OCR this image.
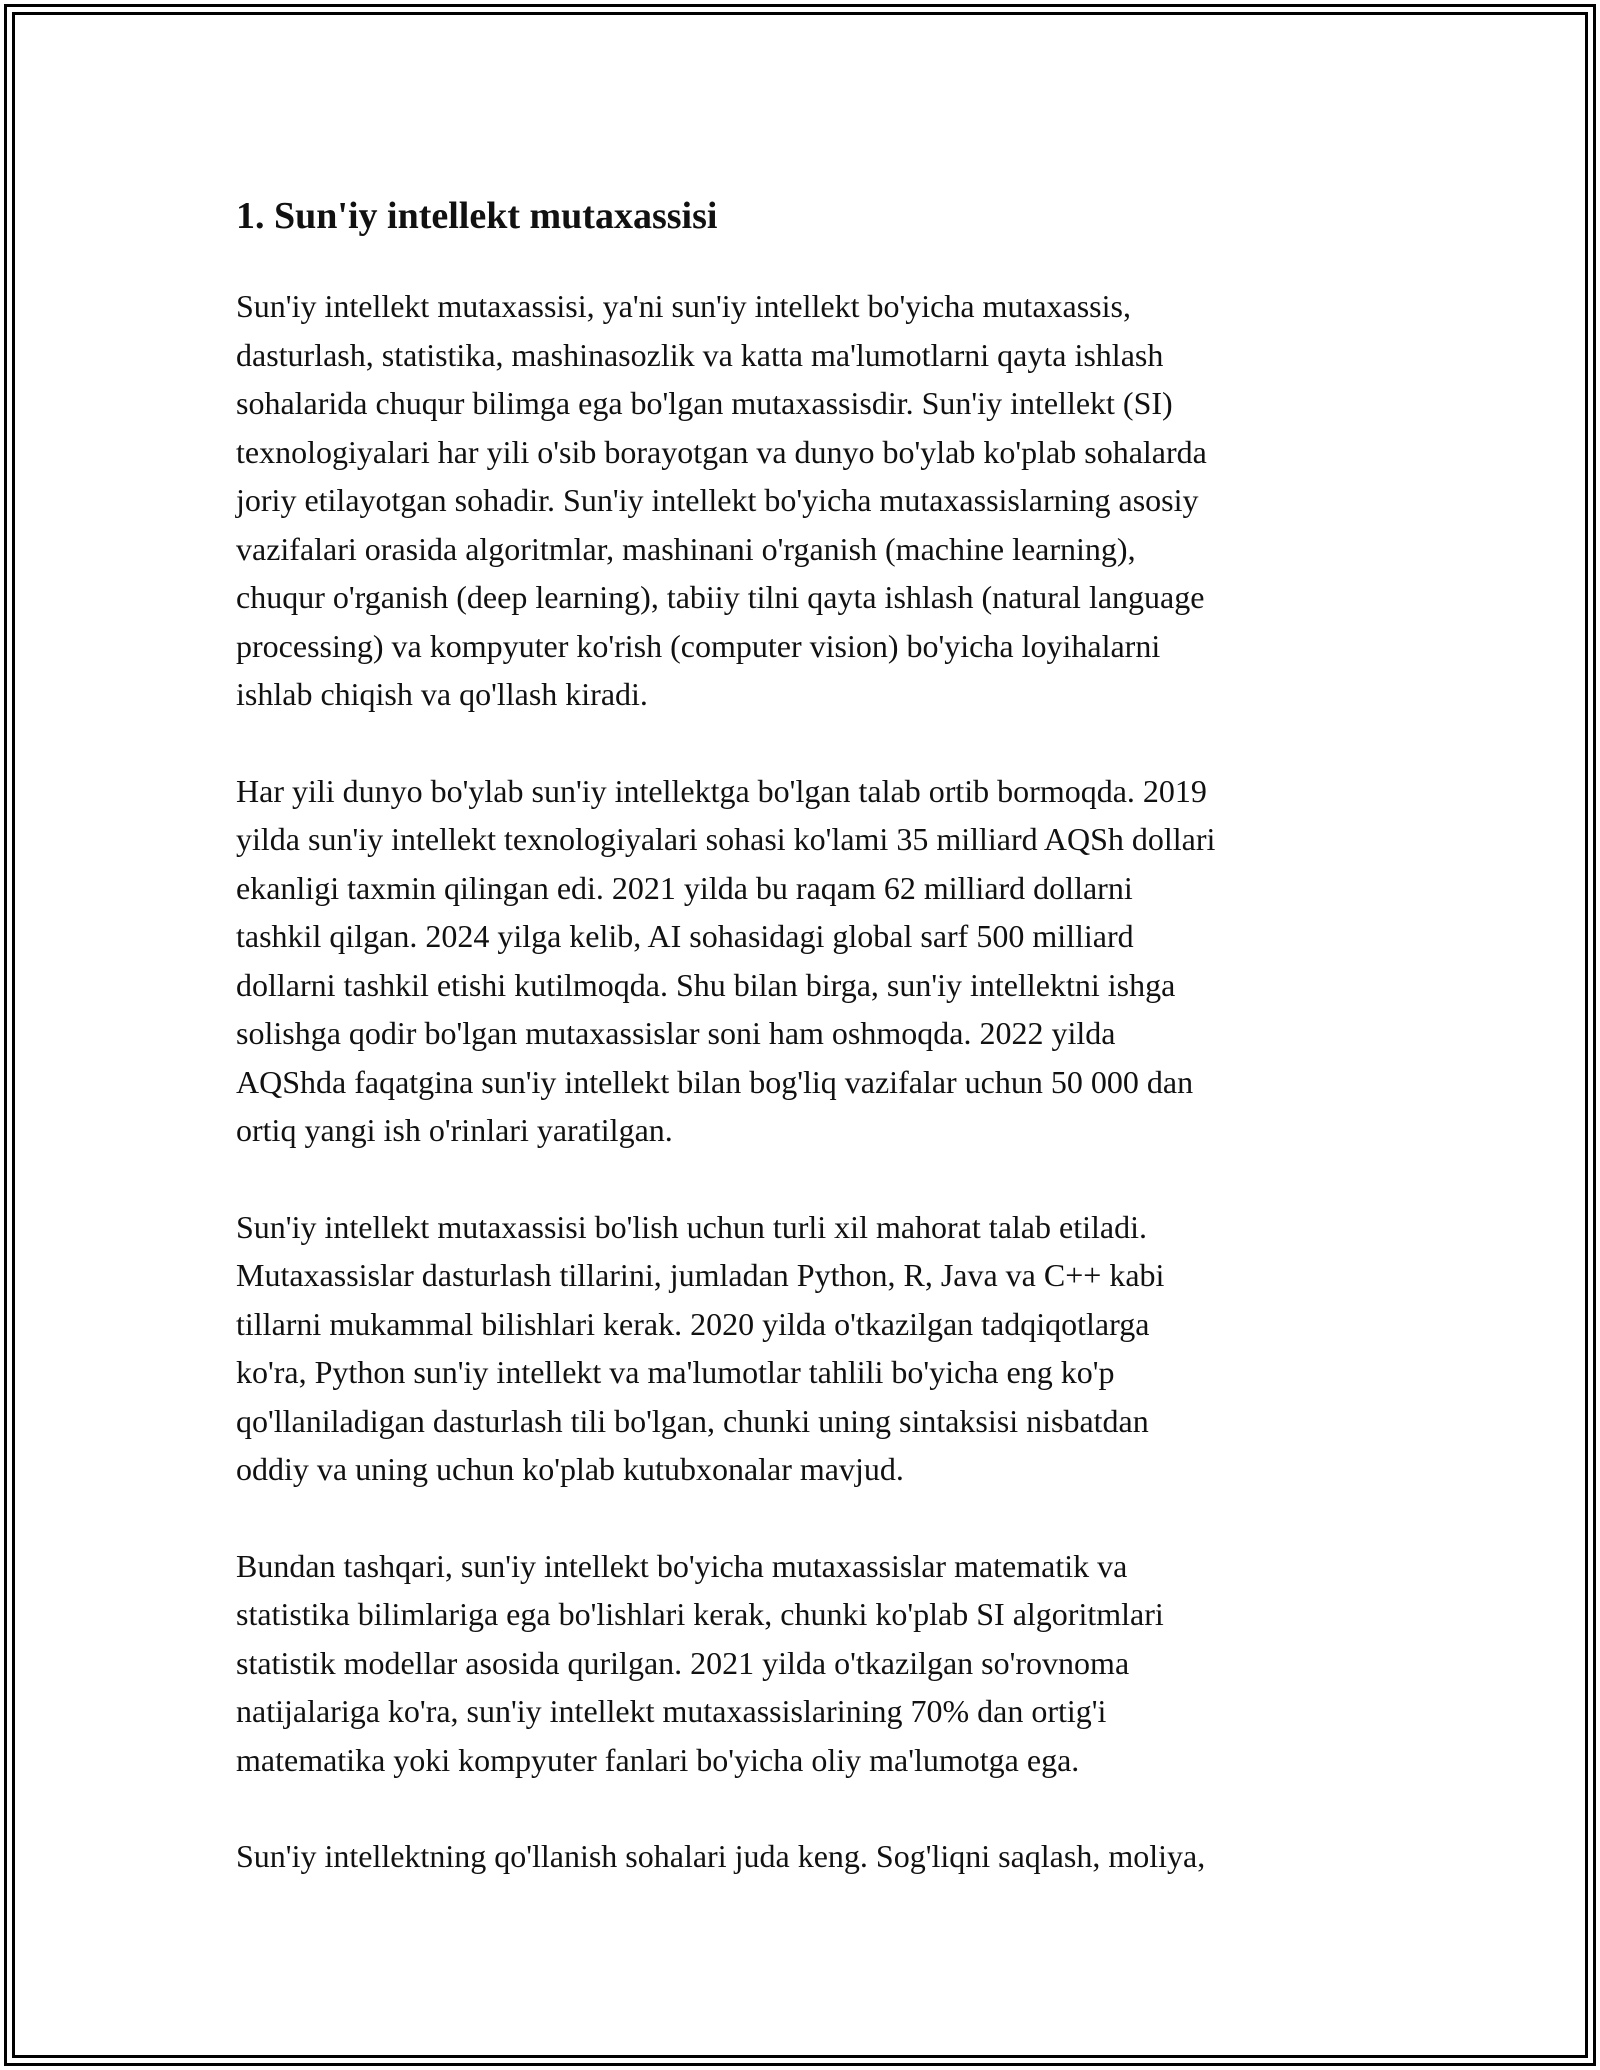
1. Sun'iy intellekt mutaxassisi

Sun'iy intellekt mutaxassisi, ya'ni sun'iy intellekt bo'yicha mutaxassis,
dasturlash, statistika, mashinasozlik va katta ma'lumotlarni qayta ishlash
sohalarida chuqur bilimga ega bo'lgan mutaxassisdir. Sun'iy intellekt (SI)
texnologiyalari har yili o'sib borayotgan va dunyo bo'ylab ko'plab sohalarda
joriy etilayotgan sohadir. Sun'iy intellekt bo'yicha mutaxassislarning asosiy
vazifalari orasida algoritmlar, mashinani o'rganish (machine learning),
chuqur o'rganish (deep learning), tabiiy tilni qayta ishlash (natural language
processing) va kompyuter ko'rish (computer vision) bo'yicha loyihalarni
ishlab chiqish va qo'llash kiradi.

Har yili dunyo bo'ylab sun'iy intellektga bo'lgan talab ortib bormoqda. 2019
yilda sun'iy intellekt texnologiyalari sohasi ko'lami 35 milliard AQSh dollari
ekanligi taxmin qilingan edi. 2021 yilda bu raqam 62 milliard dollarni
tashkil qilgan. 2024 yilga kelib, AI sohasidagi global sarf 500 milliard
dollarni tashkil etishi kutilmoqda. Shu bilan birga, sun'iy intellektni ishga
solishga qodir bo'lgan mutaxassislar soni ham oshmoqda. 2022 yilda
AQShda faqatgina sun'iy intellekt bilan bog'liq vazifalar uchun 50 000 dan
ortiq yangi ish o'rinlari yaratilgan.

Sun'iy intellekt mutaxassisi bo'lish uchun turli xil mahorat talab etiladi.
Mutaxassislar dasturlash tillarini, jumladan Python, R, Java va C++ kabi
tillarni mukammal bilishlari kerak. 2020 yilda o'tkazilgan tadqiqotlarga
ko'ra, Python sun'iy intellekt va ma'lumotlar tahlili bo'yicha eng ko'p
qo'llaniladigan dasturlash tili bo'lgan, chunki uning sintaksisi nisbatdan
oddiy va uning uchun ko'plab kutubxonalar mavjud.

Bundan tashqari, sun'iy intellekt bo'yicha mutaxassislar matematik va
statistika bilimlariga ega bo'lishlari kerak, chunki ko'plab SI algoritmlari
statistik modellar asosida qurilgan. 2021 yilda o'tkazilgan so'rovnoma
natijalariga ko'ra, sun'iy intellekt mutaxassislarining 70% dan ortig'i
matematika yoki kompyuter fanlari bo'yicha oliy ma'lumotga ega.

Sun'iy intellektning qo'llanish sohalari juda keng. Sog'liqni saqlash, moliya,
